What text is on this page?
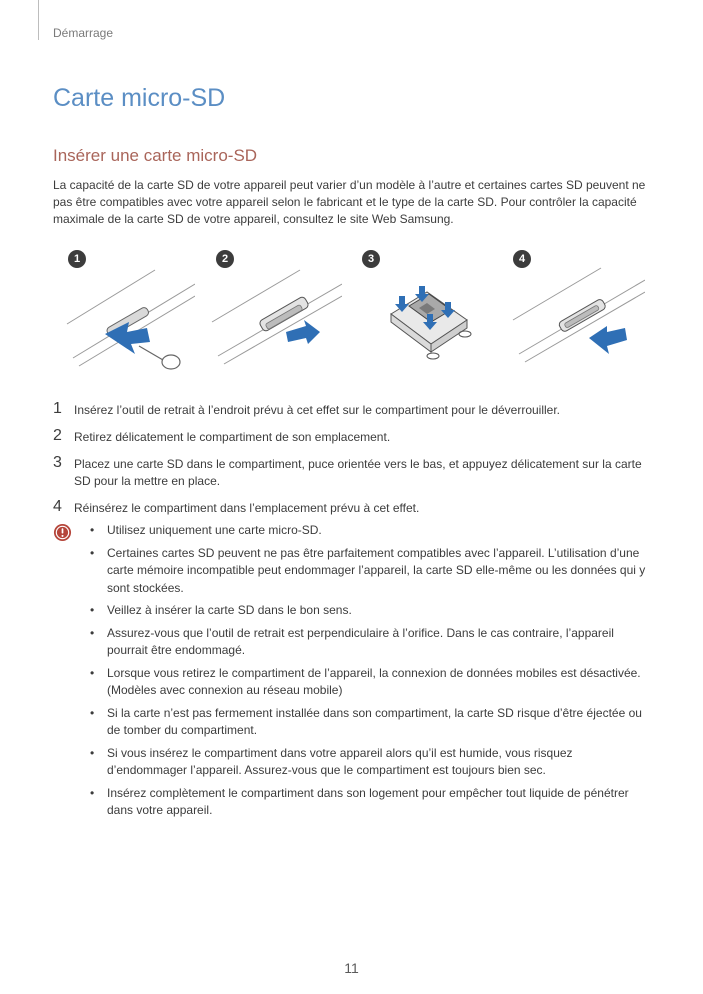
Démarrage
Carte micro-SD
Insérer une carte micro-SD

La capacité de la carte SD de votre appareil peut varier d’un modèle à l’autre et certaines cartes SD peuvent ne pas être compatibles avec votre appareil selon le fabricant et le type de la carte SD. Pour contrôler la capacité maximale de la carte SD de votre appareil, consultez le site Web Samsung.

1	2	3	4
1 Insérez l’outil de retrait à l’endroit prévu à cet effet sur le compartiment pour le déverrouiller.
2 Retirez délicatement le compartiment de son emplacement.
3 Placez une carte SD dans le compartiment, puce orientée vers le bas, et appuyez délicatement sur la carte SD pour la mettre en place.
4 Réinsérez le compartiment dans l’emplacement prévu à cet effet.
• Utilisez uniquement une carte micro-SD.
• Certaines cartes SD peuvent ne pas être parfaitement compatibles avec l’appareil. L’utilisation d’une carte mémoire incompatible peut endommager l’appareil, la carte SD elle-même ou les données qui y sont stockées.
• Veillez à insérer la carte SD dans le bon sens.
• Assurez-vous que l’outil de retrait est perpendiculaire à l’orifice. Dans le cas contraire, l’appareil pourrait être endommagé.
• Lorsque vous retirez le compartiment de l’appareil, la connexion de données mobiles est désactivée. (Modèles avec connexion au réseau mobile)
• Si la carte n’est pas fermement installée dans son compartiment, la carte SD risque d’être éjectée ou de tomber du compartiment.
• Si vous insérez le compartiment dans votre appareil alors qu’il est humide, vous risquez d’endommager l’appareil. Assurez-vous que le compartiment est toujours bien sec.
• Insérez complètement le compartiment dans son logement pour empêcher tout liquide de pénétrer dans votre appareil.
11
